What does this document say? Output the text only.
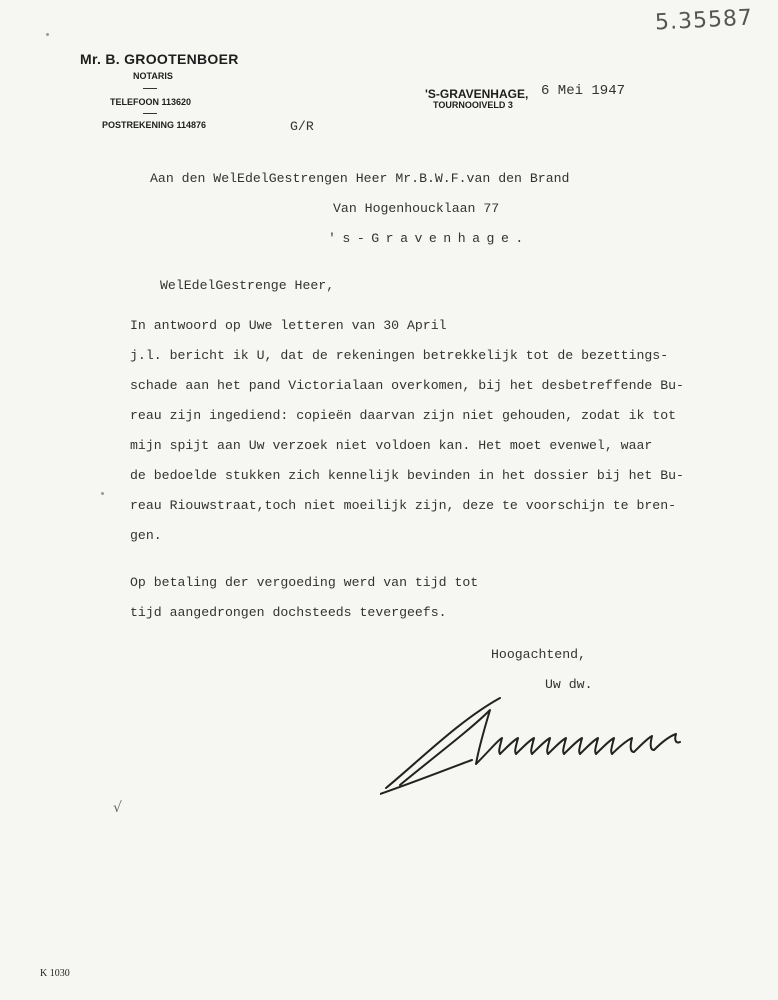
5.35587
Mr. B. GROOTENBOER
NOTARIS
TELEFOON 113620
POSTREKENING 114876
'S-GRAVENHAGE,
TOURNOOIVELD 3
6 Mei 1947
G/R
Aan den WelEdelGestrengen Heer Mr.B.W.F.van den Brand
Van Hogenhoucklaan 77
's-Gravenhage.
WelEdelGestrenge Heer,
In antwoord op Uwe letteren van 30 April
j.l. bericht ik U, dat de rekeningen betrekkelijk tot de bezettings-
schade aan het pand Victorialaan overkomen, bij het desbetreffende Bu-
reau zijn ingediend: copieën daarvan zijn niet gehouden, zodat ik tot
mijn spijt aan Uw verzoek niet voldoen kan. Het moet evenwel, waar
de bedoelde stukken zich kennelijk bevinden in het dossier bij het Bu-
reau Riouwstraat,toch niet moeilijk zijn, deze te voorschijn te bren-
gen.
Op betaling der vergoeding werd van tijd tot
tijd aangedrongen dochsteeds tevergeefs.
Hoogachtend,
Uw dw.
√
K 1030
